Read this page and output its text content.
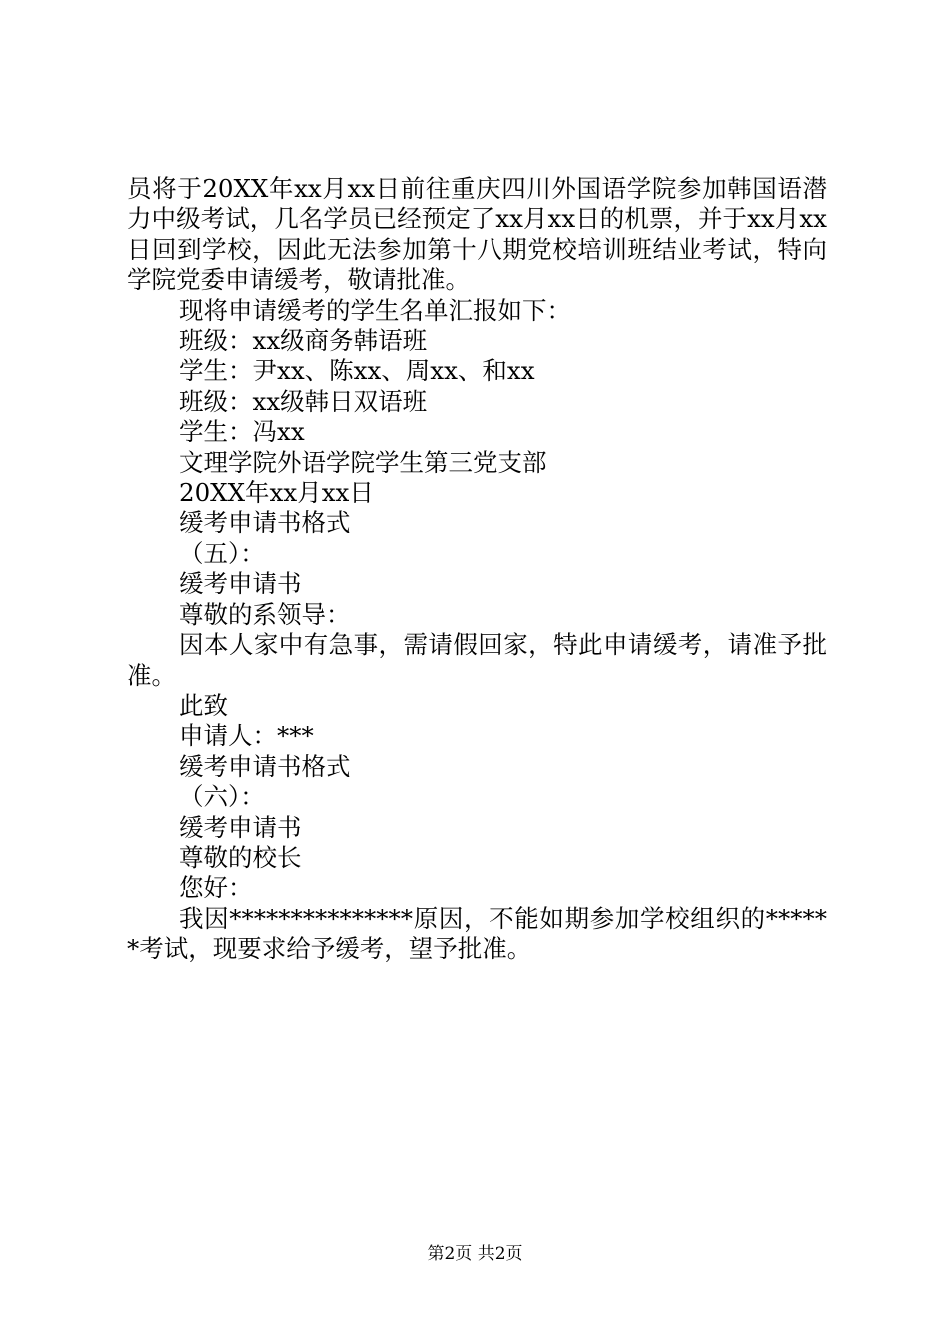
员将于20XX年xx月xx日前往重庆四川外国语学院参加韩国语潜力中级考试，几名学员已经预定了xx月xx日的机票，并于xx月xx日回到学校，因此无法参加第十八期党校培训班结业考试，特向学院党委申请缓考，敬请批准。

现将申请缓考的学生名单汇报如下：

班级：xx级商务韩语班

学生：尹xx、陈xx、周xx、和xx

班级：xx级韩日双语班

学生：冯xx

文理学院外语学院学生第三党支部

20XX年xx月xx日

缓考申请书格式

（五）：

缓考申请书

尊敬的系领导：

因本人家中有急事，需请假回家，特此申请缓考，请准予批准。

此致

申请人：***

缓考申请书格式

（六）：

缓考申请书

尊敬的校长

您好：

我因***************原因，不能如期参加学校组织的******考试，现要求给予缓考，望予批准。

第2页 共2页
